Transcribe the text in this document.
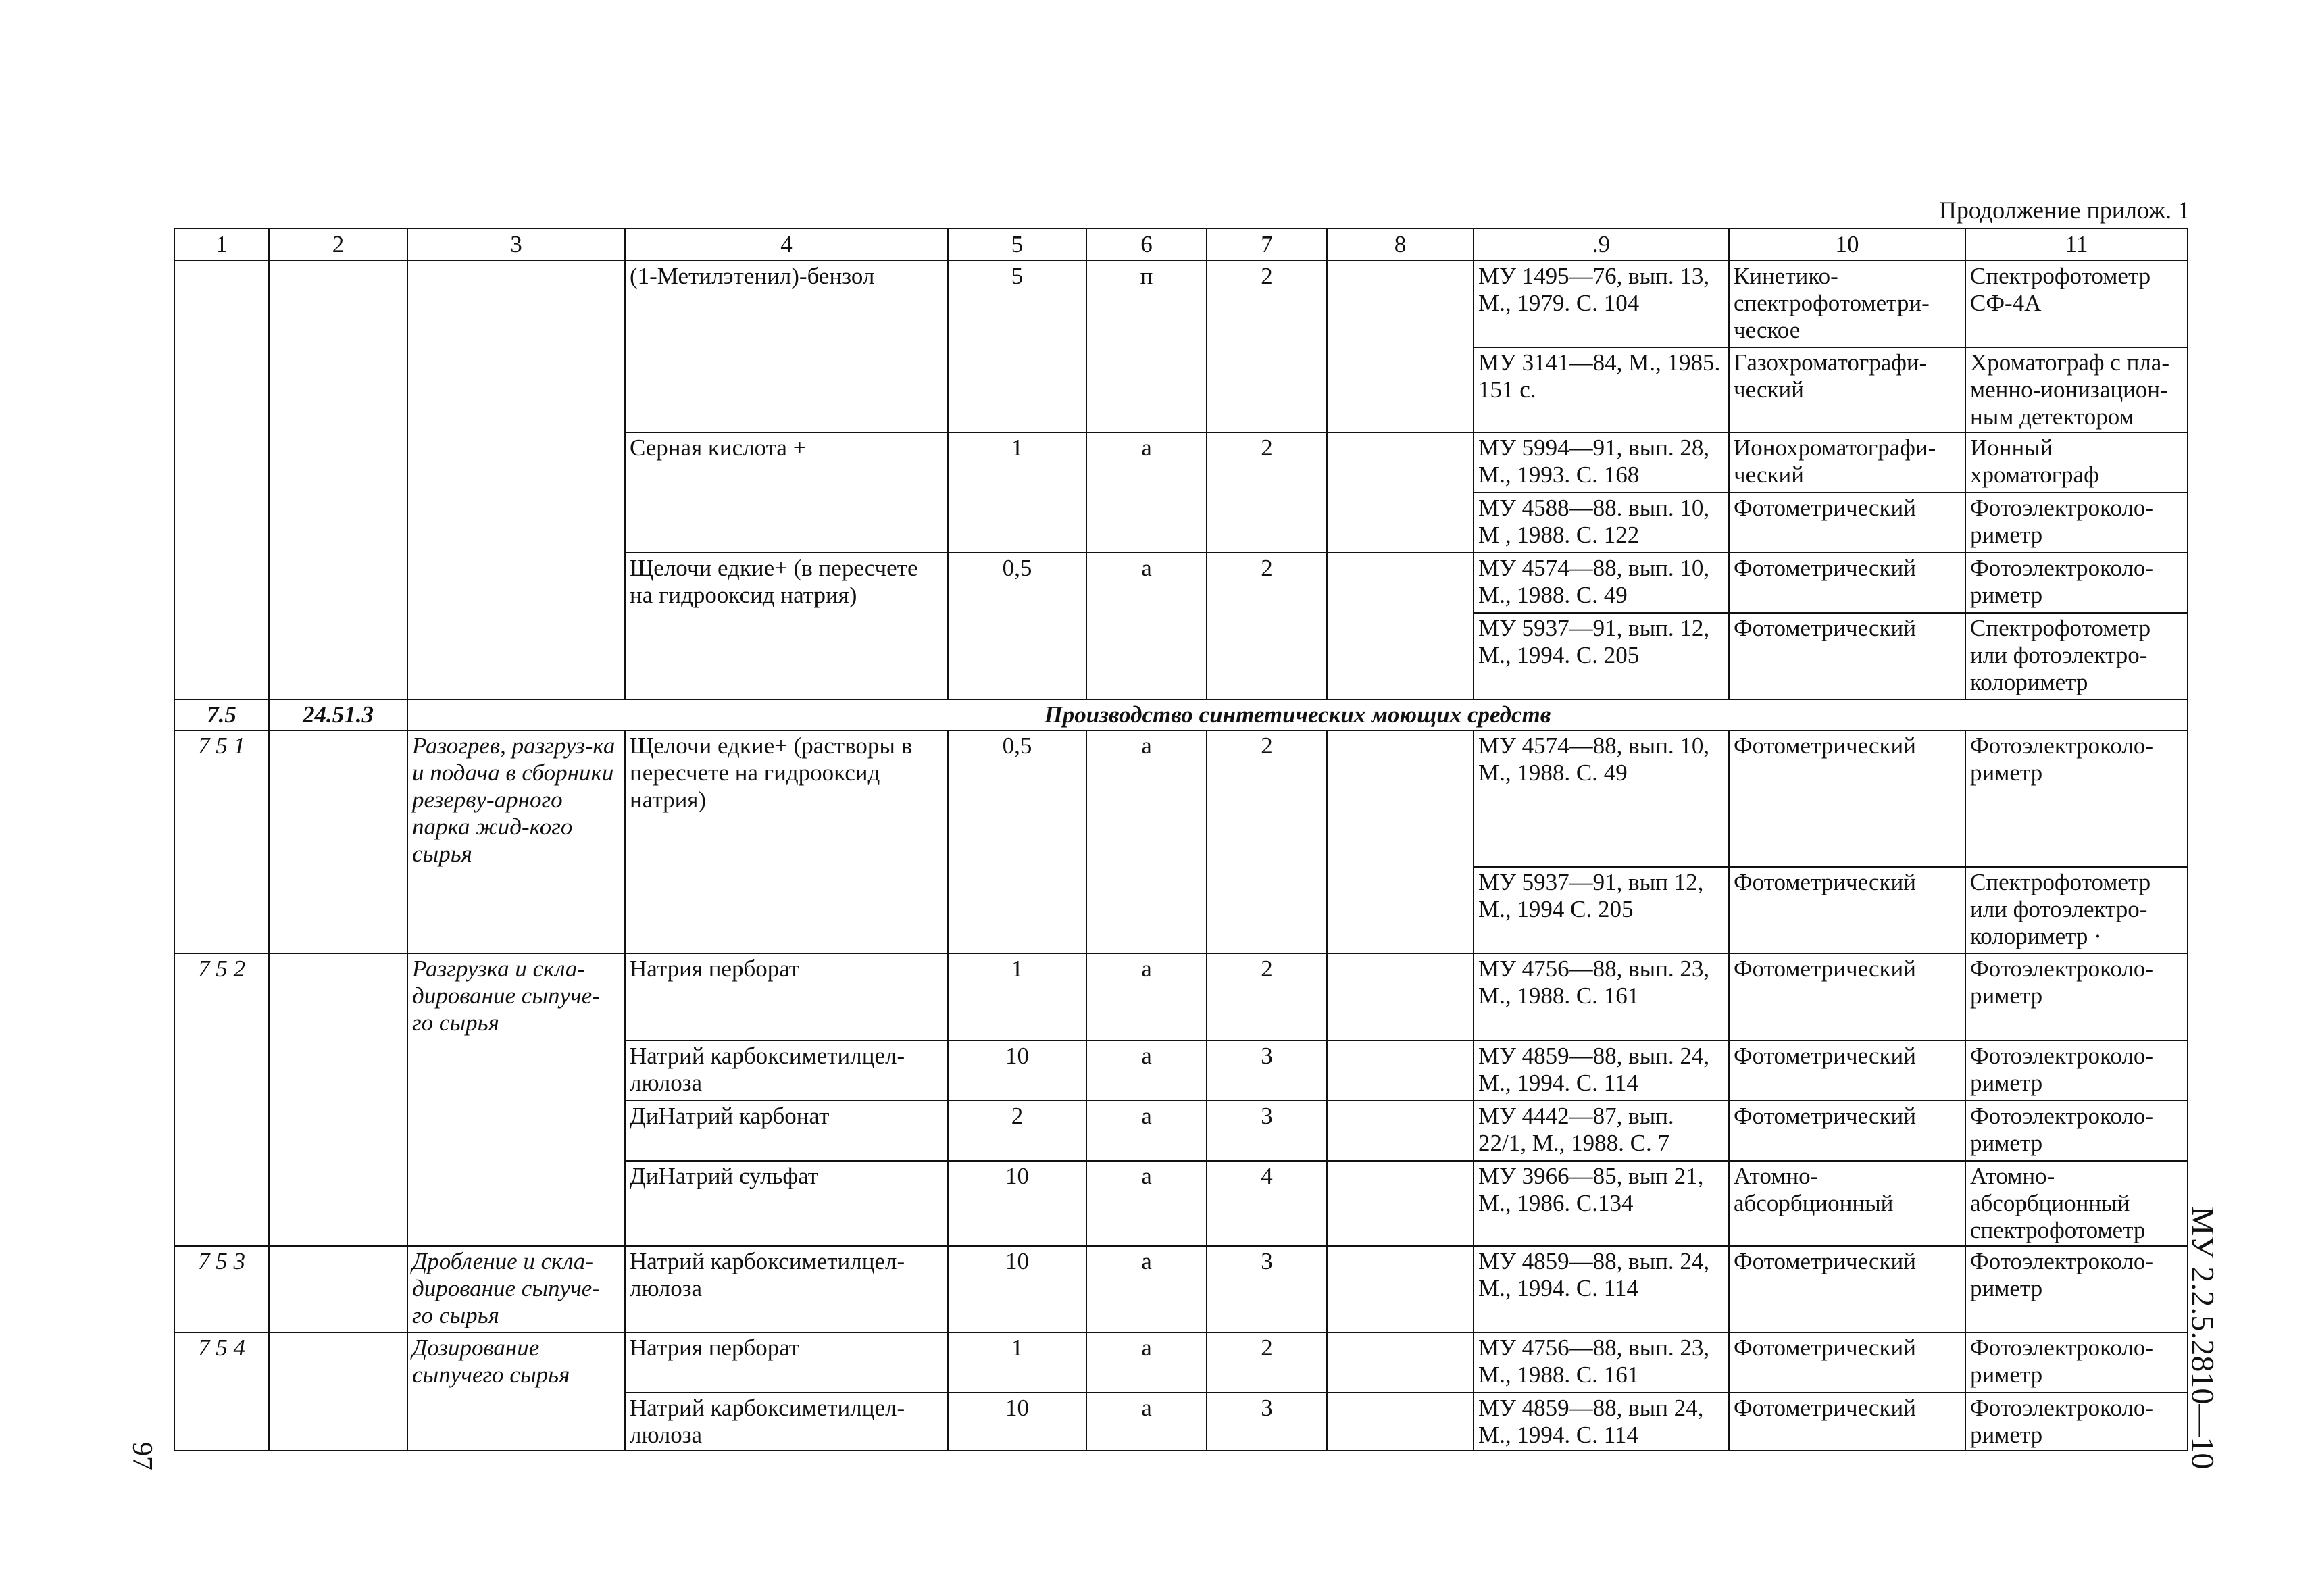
Продолжение прилож. 1
1	2	3	4	5	6	7	8	.9	10	11
			(1-Метилэтенил)-бензол	5	п	2		МУ 1495—76, вып. 13, М., 1979. С. 104	Кинетико-спектрофотометри-ческое	Спектрофотометр СФ-4А
								МУ 3141—84, М., 1985. 151 с.	Газохроматографи-ческий	Хроматограф с пла-менно-ионизацион-ным детектором
			Серная кислота +	1	а	2		МУ 5994—91, вып. 28, М., 1993. С. 168	Ионохроматографи-ческий	Ионный хроматограф
								МУ 4588—88. вып. 10, М , 1988. С. 122	Фотометрический	Фотоэлектроколо-риметр
			Щелочи едкие+ (в пересчете на гидрооксид натрия)	0,5	а	2		МУ 4574—88, вып. 10, М., 1988. С. 49	Фотометрический	Фотоэлектроколо-риметр
								МУ 5937—91, вып. 12, М., 1994. С. 205	Фотометрический	Спектрофотометр или фотоэлектро-колориметр
7.5	24.51.3	Производство синтетических моющих средств								
7 5 1		Разогрев, разгруз-ка и подача в сборники резерву-арного парка жид-кого сырья	Щелочи едкие+ (растворы в пересчете на гидрооксид натрия)	0,5	а	2		МУ 4574—88, вып. 10, М., 1988. С. 49	Фотометрический	Фотоэлектроколо-риметр
								МУ 5937—91, вып 12, М., 1994 С. 205	Фотометрический	Спектрофотометр или фотоэлектро-колориметр ·
7 5 2		Разгрузка и скла-дирование сыпуче-го сырья	Натрия перборат	1	а	2		МУ 4756—88, вып. 23, М., 1988. С. 161	Фотометрический	Фотоэлектроколо-риметр
			Натрий карбоксиметилцел-люлоза	10	а	3		МУ 4859—88, вып. 24, М., 1994. С. 114	Фотометрический	Фотоэлектроколо-риметр
			ДиНатрий карбонат	2	а	3		МУ 4442—87, вып. 22/1, М., 1988. С. 7	Фотометрический	Фотоэлектроколо-риметр
			ДиНатрий сульфат	10	а	4		МУ 3966—85, вып 21, М., 1986. С.134	Атомно-абсорбционный	Атомно-абсорбционный спектрофотометр
7 5 3		Дробление и скла-дирование сыпуче-го сырья	Натрий карбоксиметилцел-люлоза	10	а	3		МУ 4859—88, вып. 24, М., 1994. С. 114	Фотометрический	Фотоэлектроколо-риметр
7 5 4		Дозирование сыпучего сырья	Натрия перборат	1	а	2		МУ 4756—88, вып. 23, М., 1988. С. 161	Фотометрический	Фотоэлектроколо-риметр
			Натрий карбоксиметилцел-люлоза	10	а	3		МУ 4859—88, вып 24, М., 1994. С. 114	Фотометрический	Фотоэлектроколо-риметр	МУ 2.2.5.2810—10
97
